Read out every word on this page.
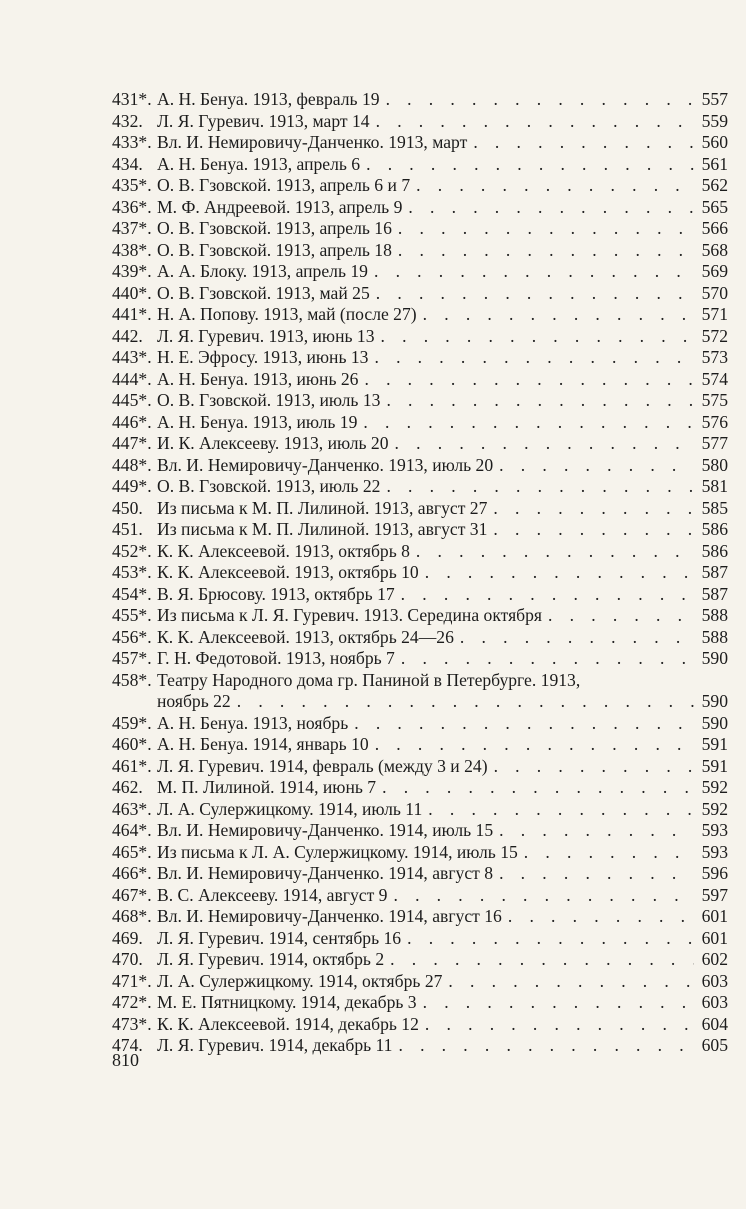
431*. А. Н. Бенуа. 1913, февраль 19 . . .	557
432. Л. Я. Гуревич. 1913, март 14 . . .	559
433*. Вл. И. Немировичу-Данченко. 1913, март . . .	560
434. А. Н. Бенуа. 1913, апрель 6 . . .	561
435*. О. В. Гзовской. 1913, апрель 6 и 7 . . .	562
436*. М. Ф. Андреевой. 1913, апрель 9 . . .	565
437*. О. В. Гзовской. 1913, апрель 16 . . .	566
438*. О. В. Гзовской. 1913, апрель 18 . . .	568
439*. А. А. Блоку. 1913, апрель 19 . . .	569
440*. О. В. Гзовской. 1913, май 25 . . .	570
441*. Н. А. Попову. 1913, май (после 27) . . .	571
442. Л. Я. Гуревич. 1913, июнь 13 . . .	572
443*. Н. Е. Эфросу. 1913, июнь 13 . . .	573
444*. А. Н. Бенуа. 1913, июнь 26 . . .	574
445*. О. В. Гзовской. 1913, июль 13 . . .	575
446*. А. Н. Бенуа. 1913, июль 19 . . .	576
447*. И. К. Алексееву. 1913, июль 20 . . .	577
448*. Вл. И. Немировичу-Данченко. 1913, июль 20 . . .	580
449*. О. В. Гзовской. 1913, июль 22 . . .	581
450. Из письма к М. П. Лилиной. 1913, август 27 . . .	585
451. Из письма к М. П. Лилиной. 1913, август 31 . . .	586
452*. К. К. Алексеевой. 1913, октябрь 8 . . .	586
453*. К. К. Алексеевой. 1913, октябрь 10 . . .	587
454*. В. Я. Брюсову. 1913, октябрь 17 . . .	587
455*. Из письма к Л. Я. Гуревич. 1913. Середина октября . . .	588
456*. К. К. Алексеевой. 1913, октябрь 24—26 . . .	588
457*. Г. Н. Федотовой. 1913, ноябрь 7 . . .	590
458*. Театру Народного дома гр. Паниной в Петербурге. 1913,
ноябрь 22 . . .	590
459*. А. Н. Бенуа. 1913, ноябрь . . .	590
460*. А. Н. Бенуа. 1914, январь 10 . . .	591
461*. Л. Я. Гуревич. 1914, февраль (между 3 и 24) . . .	591
462. М. П. Лилиной. 1914, июнь 7 . . .	592
463*. Л. А. Сулержицкому. 1914, июль 11 . . .	592
464*. Вл. И. Немировичу-Данченко. 1914, июль 15 . . .	593
465*. Из письма к Л. А. Сулержицкому. 1914, июль 15 . . .	593
466*. Вл. И. Немировичу-Данченко. 1914, август 8 . . .	596
467*. В. С. Алексееву. 1914, август 9 . . .	597
468*. Вл. И. Немировичу-Данченко. 1914, август 16 . . .	601
469. Л. Я. Гуревич. 1914, сентябрь 16 . . .	601
470. Л. Я. Гуревич. 1914, октябрь 2 . . .	602
471*. Л. А. Сулержицкому. 1914, октябрь 27 . . .	603
472*. М. Е. Пятницкому. 1914, декабрь 3 . . .	603
473*. К. К. Алексеевой. 1914, декабрь 12 . . .	604
474. Л. Я. Гуревич. 1914, декабрь 11 . . .	605
810
